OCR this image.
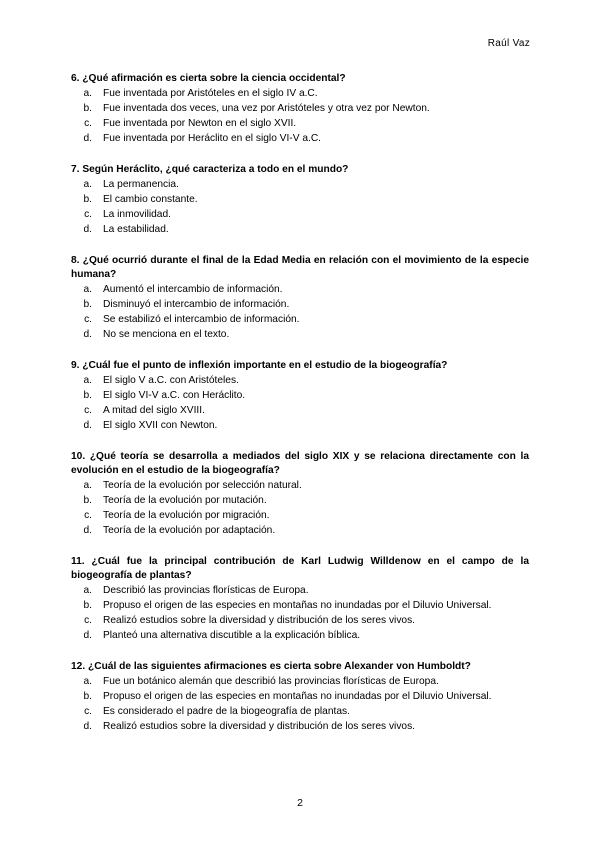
Raúl Vaz
6. ¿Qué afirmación es cierta sobre la ciencia occidental?
a.	Fue inventada por Aristóteles en el siglo IV a.C.
b.	Fue inventada dos veces, una vez por Aristóteles y otra vez por Newton.
c.	Fue inventada por Newton en el siglo XVII.
d.	Fue inventada por Heráclito en el siglo VI-V a.C.
7. Según Heráclito, ¿qué caracteriza a todo en el mundo?
a.	La permanencia.
b.	El cambio constante.
c.	La inmovilidad.
d.	La estabilidad.
8. ¿Qué ocurrió durante el final de la Edad Media en relación con el movimiento de la especie humana?
a.	Aumentó el intercambio de información.
b.	Disminuyó el intercambio de información.
c.	Se estabilizó el intercambio de información.
d.	No se menciona en el texto.
9. ¿Cuál fue el punto de inflexión importante en el estudio de la biogeografía?
a.	El siglo V a.C. con Aristóteles.
b.	El siglo VI-V a.C. con Heráclito.
c.	A mitad del siglo XVIII.
d.	El siglo XVII con Newton.
10. ¿Qué teoría se desarrolla a mediados del siglo XIX y se relaciona directamente con la evolución en el estudio de la biogeografía?
a.	Teoría de la evolución por selección natural.
b.	Teoría de la evolución por mutación.
c.	Teoría de la evolución por migración.
d.	Teoría de la evolución por adaptación.
11. ¿Cuál fue la principal contribución de Karl Ludwig Willdenow en el campo de la biogeografía de plantas?
a.	Describió las provincias florísticas de Europa.
b.	Propuso el origen de las especies en montañas no inundadas por el Diluvio Universal.
c.	Realizó estudios sobre la diversidad y distribución de los seres vivos.
d.	Planteó una alternativa discutible a la explicación bíblica.
12. ¿Cuál de las siguientes afirmaciones es cierta sobre Alexander von Humboldt?
a.	Fue un botánico alemán que describió las provincias florísticas de Europa.
b.	Propuso el origen de las especies en montañas no inundadas por el Diluvio Universal.
c.	Es considerado el padre de la biogeografía de plantas.
d.	Realizó estudios sobre la diversidad y distribución de los seres vivos.
2
